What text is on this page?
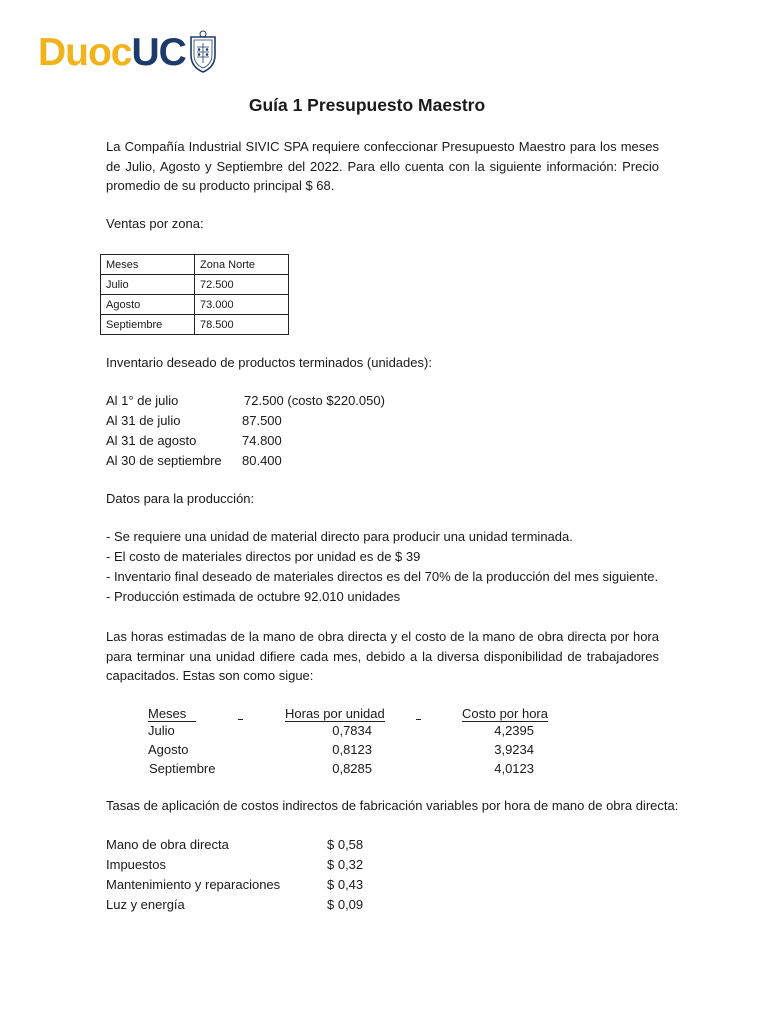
Duoc UC
Guía 1 Presupuesto Maestro
La Compañía Industrial SIVIC SPA requiere confeccionar Presupuesto Maestro para los meses de Julio, Agosto y Septiembre del 2022. Para ello cuenta con la siguiente información: Precio promedio de su producto principal $ 68.
Ventas por zona:
Meses	Zona Norte
Julio	72.500
Agosto	73.000
Septiembre	78.500
Inventario deseado de productos terminados (unidades):
Al 1° de julio	72.500 (costo $220.050)
Al 31 de julio	87.500
Al 31 de agosto	74.800
Al 30 de septiembre 80.400
Datos para la producción:
- Se requiere una unidad de material directo para producir una unidad terminada.
- El costo de materiales directos por unidad es de $ 39
- Inventario final deseado de materiales directos es del 70% de la producción del mes siguiente.
- Producción estimada de octubre 92.010 unidades
Las horas estimadas de la mano de obra directa y el costo de la mano de obra directa por hora para terminar una unidad difiere cada mes, debido a la diversa disponibilidad de trabajadores capacitados. Estas son como sigue:
Meses	Horas por unidad	Costo por hora
Julio	0,7834	4,2395
Agosto	0,8123	3,9234
Septiembre	0,8285	4,0123
Tasas de aplicación de costos indirectos de fabricación variables por hora de mano de obra directa:
Mano de obra directa	$ 0,58
Impuestos	$ 0,32
Mantenimiento y reparaciones	$ 0,43
Luz y energía	$ 0,09
